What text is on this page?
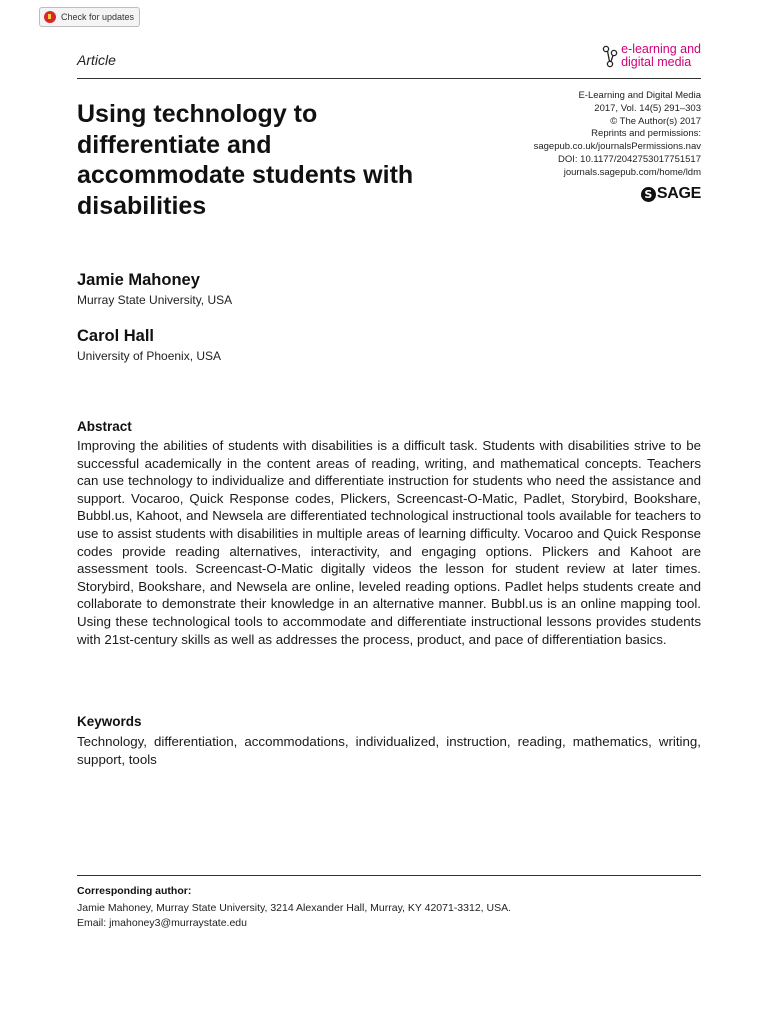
Check for updates
Article
e-learning and
digital media
E-Learning and Digital Media
2017, Vol. 14(5) 291–303
© The Author(s) 2017
Reprints and permissions:
sagepub.co.uk/journalsPermissions.nav
DOI: 10.1177/2042753017751517
journals.sagepub.com/home/ldm
S SAGE
Using technology to differentiate and accommodate students with disabilities
Jamie Mahoney
Murray State University, USA
Carol Hall
University of Phoenix, USA
Abstract

Improving the abilities of students with disabilities is a difficult task. Students with disabilities strive to be successful academically in the content areas of reading, writing, and mathematical concepts. Teachers can use technology to individualize and differentiate instruction for students who need the assistance and support. Vocaroo, Quick Response codes, Plickers, Screencast-O-Matic, Padlet, Storybird, Bookshare, Bubbl.us, Kahoot, and Newsela are differentiated technological instructional tools available for teachers to use to assist students with disabilities in multiple areas of learning difficulty. Vocaroo and Quick Response codes provide reading alternatives, interactivity, and engaging options. Plickers and Kahoot are assessment tools. Screencast-O-Matic digitally videos the lesson for student review at later times. Storybird, Bookshare, and Newsela are online, leveled reading options. Padlet helps students create and collaborate to demonstrate their knowledge in an alternative manner. Bubbl.us is an online mapping tool. Using these technological tools to accommodate and differentiate instructional lessons provides students with 21st-century skills as well as addresses the process, product, and pace of differentiation basics.

Keywords

Technology, differentiation, accommodations, individualized, instruction, reading, mathematics, writing, support, tools

Corresponding author:
Jamie Mahoney, Murray State University, 3214 Alexander Hall, Murray, KY 42071-3312, USA.
Email: jmahoney3@murraystate.edu
